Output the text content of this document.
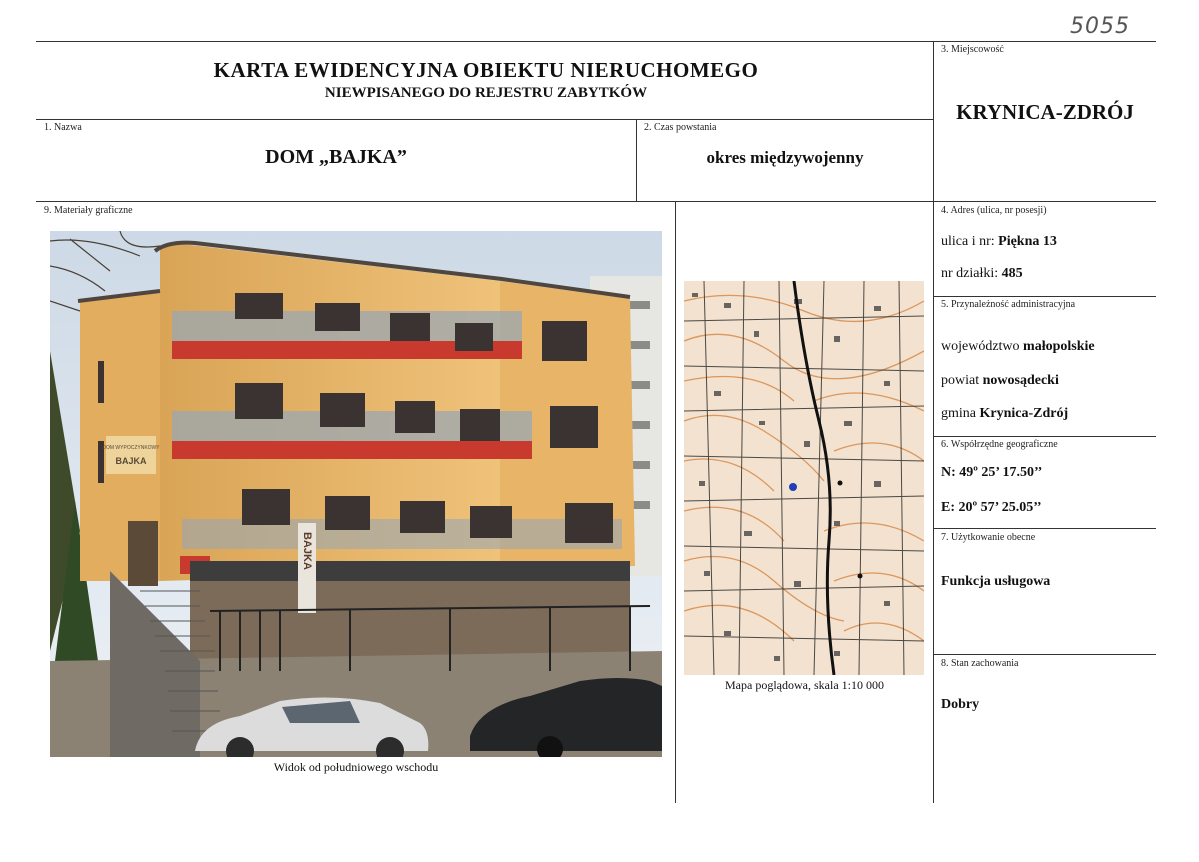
5055
KARTA EWIDENCYJNA OBIEKTU NIERUCHOMEGO
NIEWPISANEGO DO REJESTRU ZABYTKÓW
3. Miejscowość
KRYNICA-ZDRÓJ
1. Nazwa
DOM „BAJKA”
2. Czas powstania
okres międzywojenny
9. Materiały graficzne
DOM WYPOCZYNKOWY
BAJKA
BAJKA
Widok od południowego wschodu
Mapa poglądowa, skala 1:10 000
4. Adres (ulica, nr posesji)
ulica i nr: Piękna 13
nr działki: 485
5. Przynależność administracyjna
województwo małopolskie
powiat nowosądecki
gmina Krynica-Zdrój
6. Współrzędne geograficzne
N: 49º 25’ 17.50’’
E: 20º 57’ 25.05’’
7. Użytkowanie obecne
Funkcja usługowa
8. Stan zachowania
Dobry
